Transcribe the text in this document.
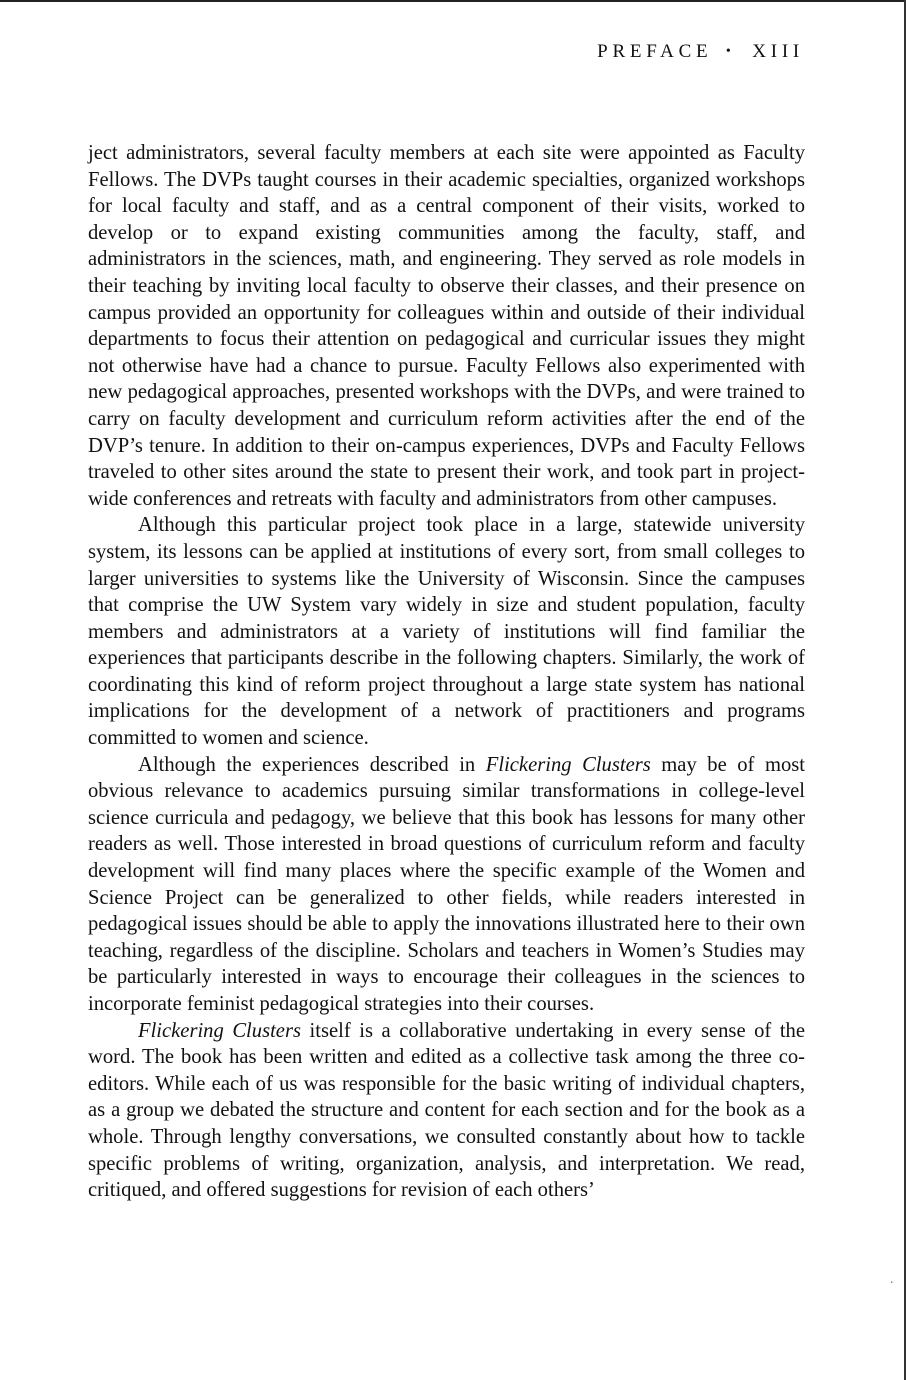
PREFACE • XIII

ject administrators, several faculty members at each site were appointed as Faculty Fellows. The DVPs taught courses in their academic specialties, organized workshops for local faculty and staff, and as a central component of their visits, worked to develop or to expand existing communities among the faculty, staff, and administrators in the sciences, math, and engineering. They served as role models in their teaching by inviting local faculty to observe their classes, and their presence on campus provided an opportunity for colleagues within and outside of their individual departments to focus their attention on pedagogical and curricular issues they might not otherwise have had a chance to pursue. Faculty Fellows also experimented with new pedagogical approaches, presented workshops with the DVPs, and were trained to carry on faculty development and curriculum reform activities after the end of the DVP’s tenure. In addition to their on-campus experiences, DVPs and Faculty Fellows traveled to other sites around the state to present their work, and took part in project-wide conferences and retreats with faculty and administrators from other campuses.

Although this particular project took place in a large, statewide university system, its lessons can be applied at institutions of every sort, from small colleges to larger universities to systems like the University of Wisconsin. Since the campuses that comprise the UW System vary widely in size and student population, faculty members and administrators at a variety of institutions will find familiar the experiences that participants describe in the following chapters. Similarly, the work of coordinating this kind of reform project throughout a large state system has national implications for the development of a network of practitioners and programs committed to women and science.

Although the experiences described in Flickering Clusters may be of most obvious relevance to academics pursuing similar transformations in college-level science curricula and pedagogy, we believe that this book has lessons for many other readers as well. Those interested in broad questions of curriculum reform and faculty development will find many places where the specific example of the Women and Science Project can be generalized to other fields, while readers interested in pedagogical issues should be able to apply the innovations illustrated here to their own teaching, regardless of the discipline. Scholars and teachers in Women’s Studies may be particularly interested in ways to encourage their colleagues in the sciences to incorporate feminist pedagogical strategies into their courses.

Flickering Clusters itself is a collaborative undertaking in every sense of the word. The book has been written and edited as a collective task among the three co-editors. While each of us was responsible for the basic writing of individual chapters, as a group we debated the structure and content for each section and for the book as a whole. Through lengthy conversations, we consulted constantly about how to tackle specific problems of writing, organization, analysis, and interpretation. We read, critiqued, and offered suggestions for revision of each others’

·
